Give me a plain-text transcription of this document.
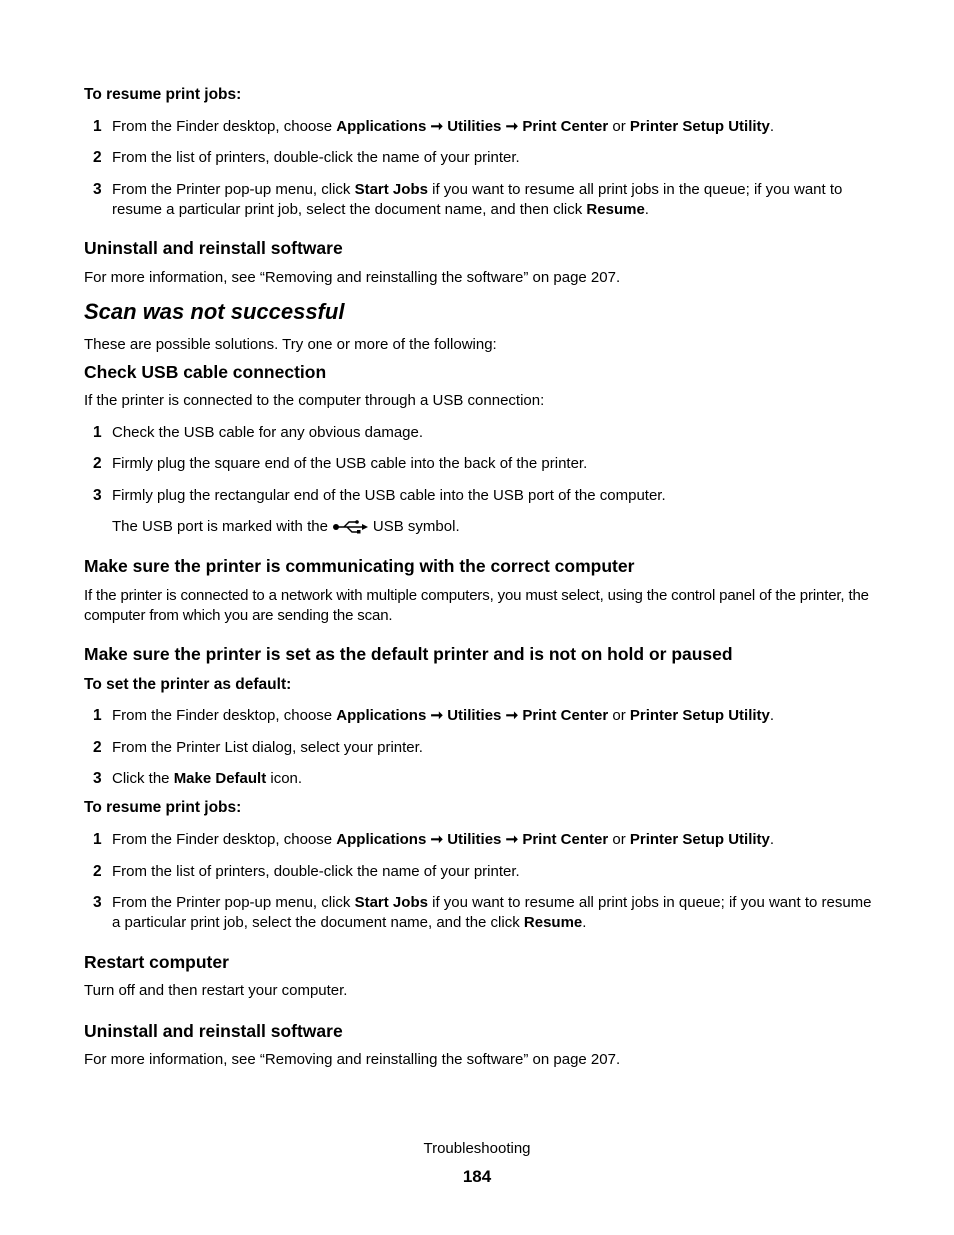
To resume print jobs:
1 From the Finder desktop, choose Applications ➞ Utilities ➞ Print Center or Printer Setup Utility.
2 From the list of printers, double-click the name of your printer.
3 From the Printer pop-up menu, click Start Jobs if you want to resume all print jobs in the queue; if you want to resume a particular print job, select the document name, and then click Resume.
Uninstall and reinstall software
For more information, see “Removing and reinstalling the software” on page 207.
Scan was not successful
These are possible solutions. Try one or more of the following:
Check USB cable connection
If the printer is connected to the computer through a USB connection:
1 Check the USB cable for any obvious damage.
2 Firmly plug the square end of the USB cable into the back of the printer.
3 Firmly plug the rectangular end of the USB cable into the USB port of the computer.
The USB port is marked with the	USB symbol.
Make sure the printer is communicating with the correct computer
If the printer is connected to a network with multiple computers, you must select, using the control panel of the printer, the computer from which you are sending the scan.
Make sure the printer is set as the default printer and is not on hold or paused
To set the printer as default:
1 From the Finder desktop, choose Applications ➞ Utilities ➞ Print Center or Printer Setup Utility.
2 From the Printer List dialog, select your printer.
3 Click the Make Default icon.
To resume print jobs:
1 From the Finder desktop, choose Applications ➞ Utilities ➞ Print Center or Printer Setup Utility.
2 From the list of printers, double-click the name of your printer.
3 From the Printer pop-up menu, click Start Jobs if you want to resume all print jobs in queue; if you want to resume a particular print job, select the document name, and the click Resume.
Restart computer
Turn off and then restart your computer.
Uninstall and reinstall software
For more information, see “Removing and reinstalling the software” on page 207.
Troubleshooting
184
